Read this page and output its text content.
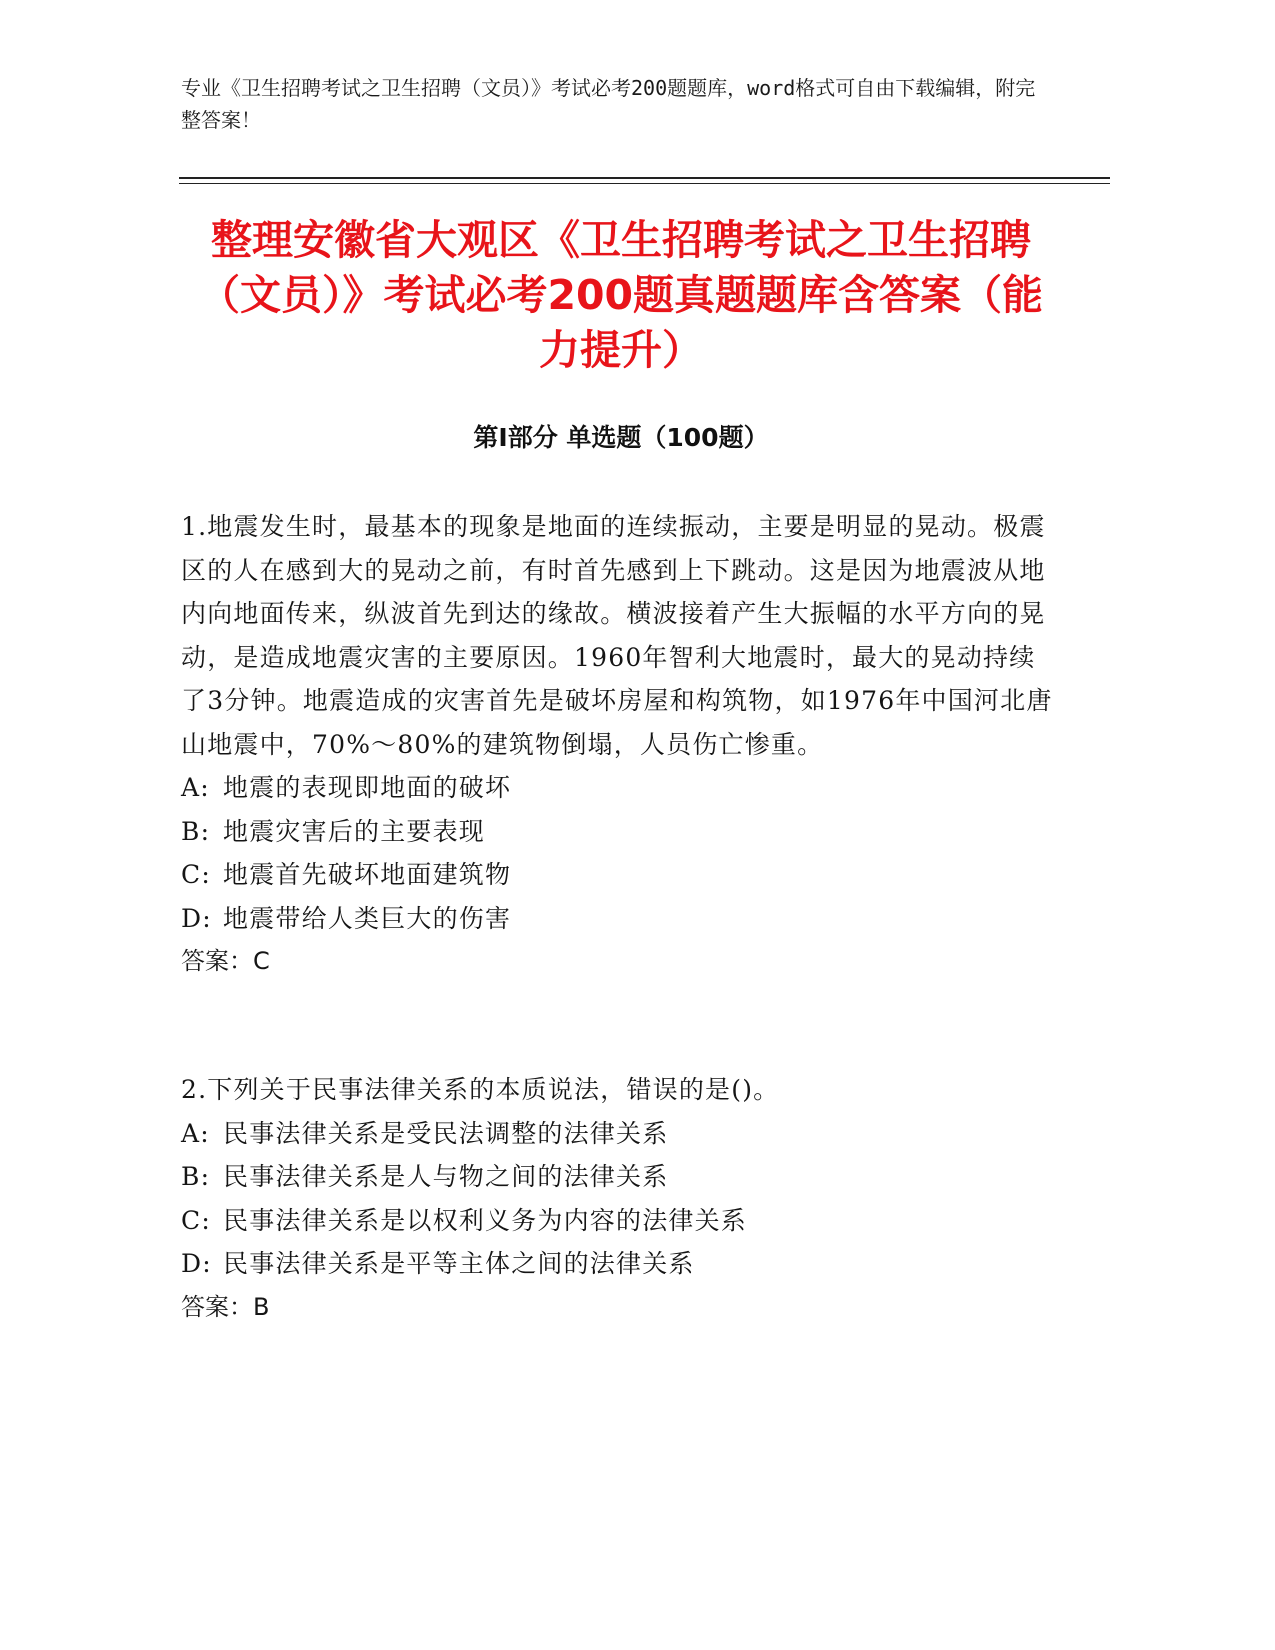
专业《卫生招聘考试之卫生招聘（文员）》考试必考200题题库，word格式可自由下载编辑，附完整答案！
整理安徽省大观区《卫生招聘考试之卫生招聘（文员）》考试必考200题真题题库含答案（能力提升）
第Ⅰ部分 单选题（100题）

1.地震发生时，最基本的现象是地面的连续振动，主要是明显的晃动。极震区的人在感到大的晃动之前，有时首先感到上下跳动。这是因为地震波从地内向地面传来，纵波首先到达的缘故。横波接着产生大振幅的水平方向的晃动，是造成地震灾害的主要原因。1960年智利大地震时，最大的晃动持续了3分钟。地震造成的灾害首先是破坏房屋和构筑物，如1976年中国河北唐山地震中，70%～80%的建筑物倒塌，人员伤亡惨重。

A: 地震的表现即地面的破坏

B: 地震灾害后的主要表现

C: 地震首先破坏地面建筑物

D: 地震带给人类巨大的伤害

答案：C

2.下列关于民事法律关系的本质说法，错误的是()。

A: 民事法律关系是受民法调整的法律关系

B: 民事法律关系是人与物之间的法律关系

C: 民事法律关系是以权利义务为内容的法律关系

D: 民事法律关系是平等主体之间的法律关系

答案：B
